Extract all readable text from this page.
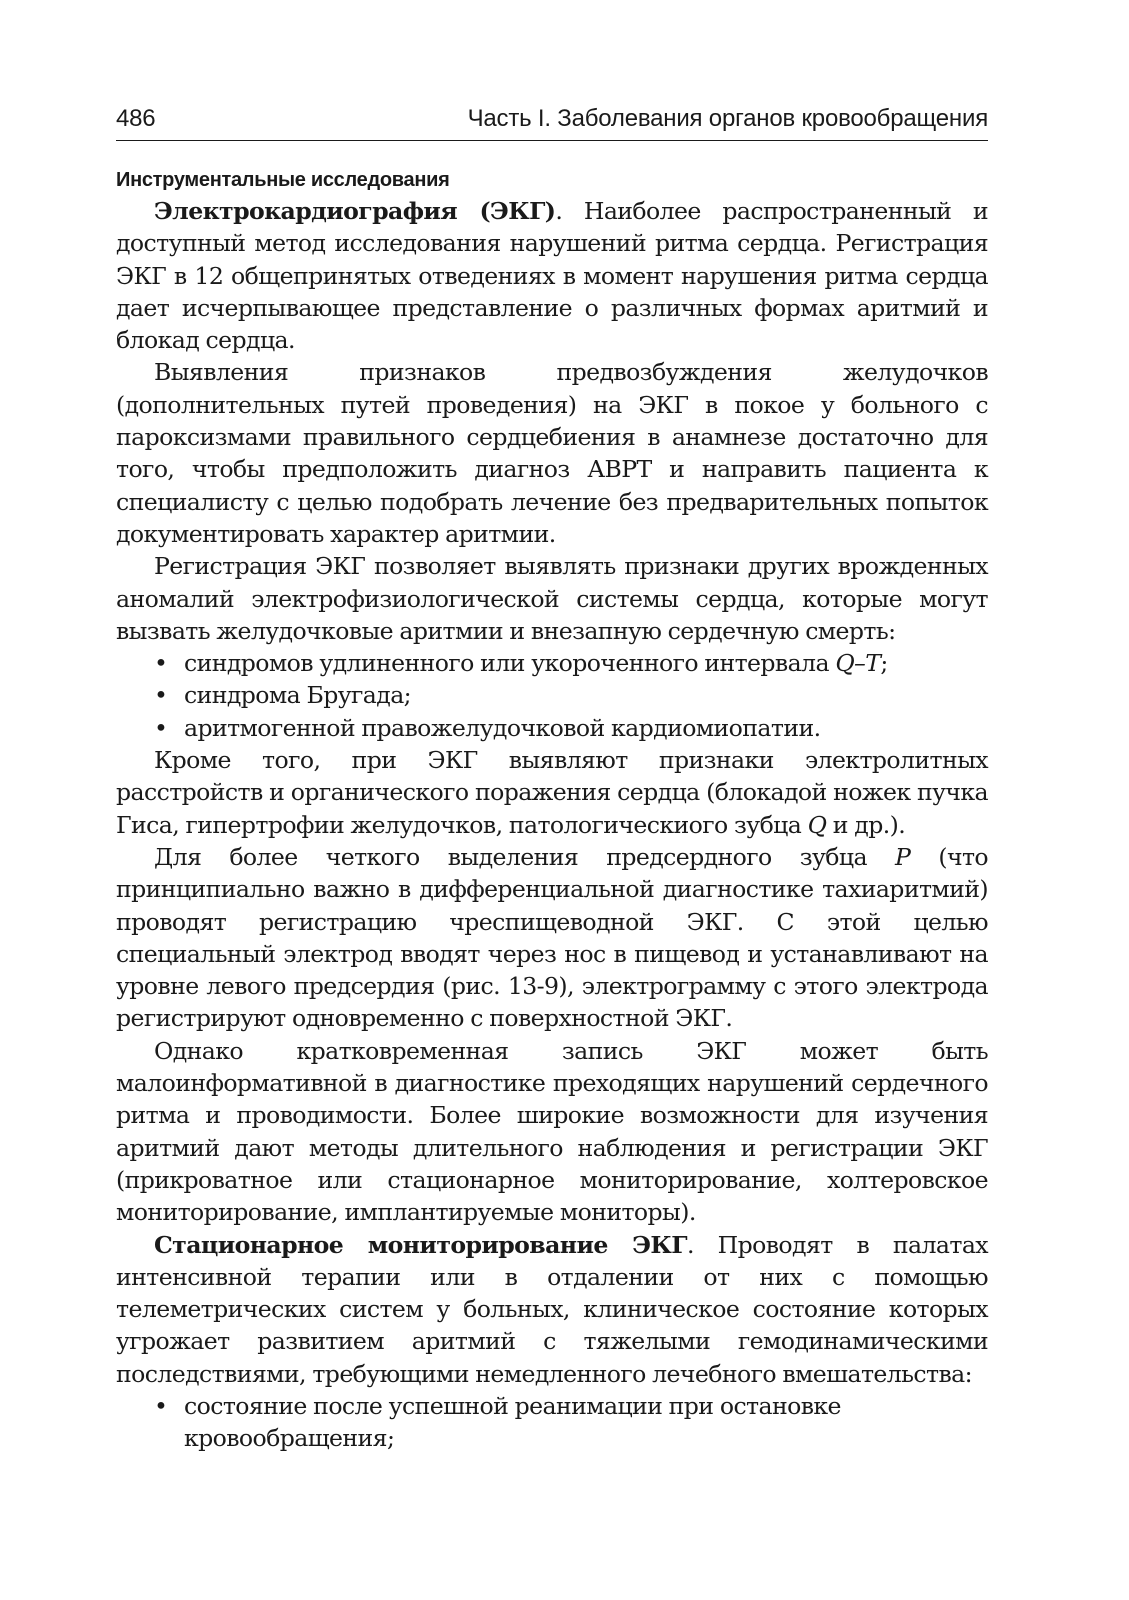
486	Часть I. Заболевания органов кровообращения
Инструментальные исследования

Электрокардиография (ЭКГ). Наиболее распространенный и доступный метод исследования нарушений ритма сердца. Регистрация ЭКГ в 12 общепринятых отведениях в момент нарушения ритма сердца дает исчерпывающее представление о различных формах аритмий и блокад сердца.

Выявления признаков предвозбуждения желудочков (дополнительных путей проведения) на ЭКГ в покое у больного с пароксизмами правильного сердцебиения в анамнезе достаточно для того, чтобы предположить диагноз АВРТ и направить пациента к специалисту с целью подобрать лечение без предварительных попыток документировать характер аритмии.

Регистрация ЭКГ позволяет выявлять признаки других врожденных аномалий электрофизиологической системы сердца, которые могут вызвать желудочковые аритмии и внезапную сердечную смерть:

• синдромов удлиненного или укороченного интервала Q–T;
• синдрома Бругада;
• аритмогенной правожелудочковой кардиомиопатии.

Кроме того, при ЭКГ выявляют признаки электролитных расстройств и органического поражения сердца (блокадой ножек пучка Гиса, гипертрофии желудочков, патологическиого зубца Q и др.).

Для более четкого выделения предсердного зубца P (что принципиально важно в дифференциальной диагностике тахиаритмий) проводят регистрацию чреспищеводной ЭКГ. С этой целью специальный электрод вводят через нос в пищевод и устанавливают на уровне левого предсердия (рис. 13-9), электрограмму с этого электрода регистрируют одновременно с поверхностной ЭКГ.

Однако кратковременная запись ЭКГ может быть малоинформативной в диагностике преходящих нарушений сердечного ритма и проводимости. Более широкие возможности для изучения аритмий дают методы длительного наблюдения и регистрации ЭКГ (прикроватное или стационарное мониторирование, холтеровское мониторирование, имплантируемые мониторы).

Стационарное мониторирование ЭКГ. Проводят в палатах интенсивной терапии или в отдалении от них с помощью телеметрических систем у больных, клиническое состояние которых угрожает развитием аритмий с тяжелыми гемодинамическими последствиями, требующими немедленного лечебного вмешательства:

• состояние после успешной реанимации при остановке кровообращения;
